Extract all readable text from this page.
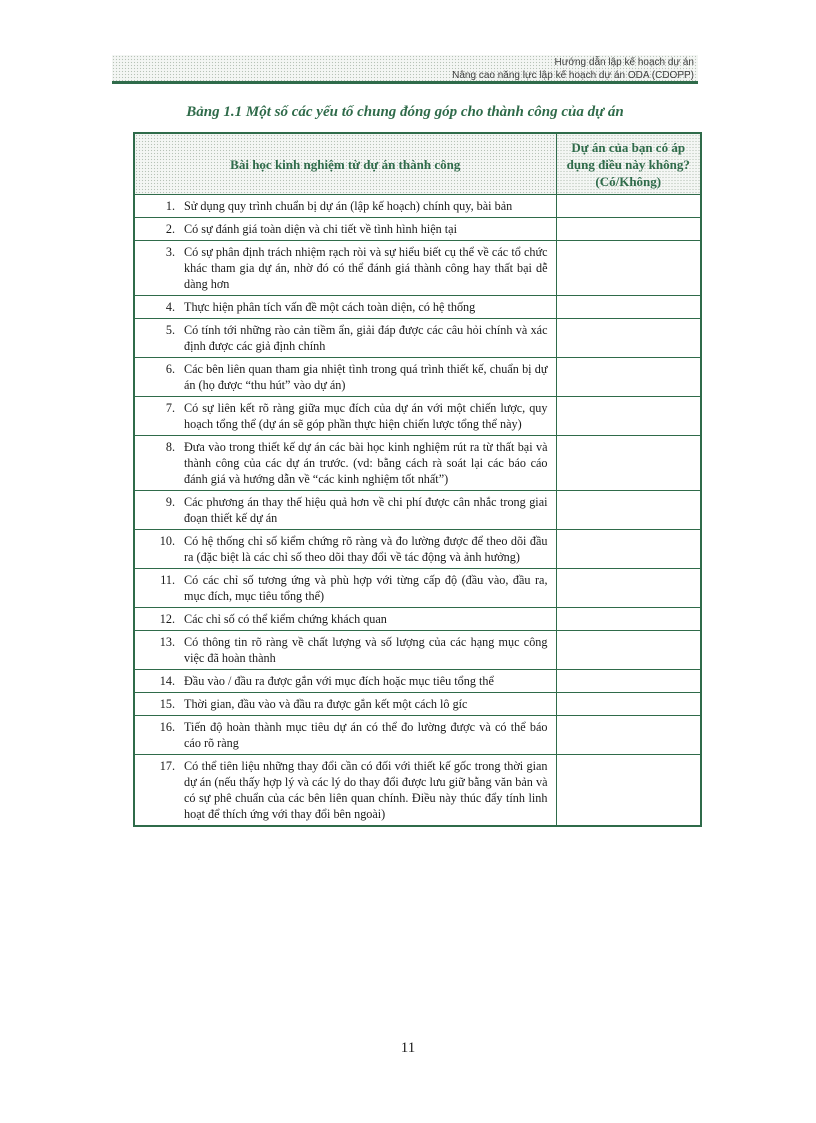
Hướng dẫn lập kế hoạch dự án
Nâng cao năng lực lập kế hoạch dự án ODA (CDOPP)
Bảng 1.1 Một số các yếu tố chung đóng góp cho thành công của dự án
Bài học kinh nghiệm từ dự án thành công	Dự án của bạn có áp dụng điều này không? (Có/Không)

1. Sử dụng quy trình chuẩn bị dự án (lập kế hoạch) chính quy, bài bản	

2. Có sự đánh giá toàn diện và chi tiết về tình hình hiện tại	

3. Có sự phân định trách nhiệm rạch ròi và sự hiểu biết cụ thể về các tổ chức khác tham gia dự án, nhờ đó có thể đánh giá thành công hay thất bại dễ dàng hơn	

4. Thực hiện phân tích vấn đề một cách toàn diện, có hệ thống	

5. Có tính tới những rào cản tiềm ẩn, giải đáp được các câu hỏi chính và xác định được các giả định chính	

6. Các bên liên quan tham gia nhiệt tình trong quá trình thiết kế, chuẩn bị dự án (họ được “thu hút” vào dự án)	

7. Có sự liên kết rõ ràng giữa mục đích của dự án với một chiến lược, quy hoạch tổng thể (dự án sẽ góp phần thực hiện chiến lược tổng thể này)	

8. Đưa vào trong thiết kế dự án các bài học kinh nghiệm rút ra từ thất bại và thành công của các dự án trước. (vd: bằng cách rà soát lại các báo cáo đánh giá và hướng dẫn về “các kinh nghiệm tốt nhất”)	

9. Các phương án thay thế hiệu quả hơn về chi phí được cân nhắc trong giai đoạn thiết kế dự án	

10. Có hệ thống chỉ số kiểm chứng rõ ràng và đo lường được để theo dõi đầu ra (đặc biệt là các chỉ số theo dõi thay đổi về tác động và ảnh hưởng)	

11. Có các chỉ số tương ứng và phù hợp với từng cấp độ (đầu vào, đầu ra, mục đích, mục tiêu tổng thể)	

12. Các chỉ số có thể kiểm chứng khách quan	

13. Có thông tin rõ ràng về chất lượng và số lượng của các hạng mục công việc đã hoàn thành	

14. Đầu vào / đầu ra được gắn với mục đích hoặc mục tiêu tổng thể	

15. Thời gian, đầu vào và đầu ra được gắn kết một cách lô gíc	

16. Tiến độ hoàn thành mục tiêu dự án có thể đo lường được và có thể báo cáo rõ ràng	

17. Có thể tiên liệu những thay đổi cần có đối với thiết kế gốc trong thời gian dự án (nếu thấy hợp lý và các lý do thay đổi được lưu giữ bằng văn bản và có sự phê chuẩn của các bên liên quan chính. Điều này thúc đẩy tính linh hoạt để thích ứng với thay đổi bên ngoài)	

11
